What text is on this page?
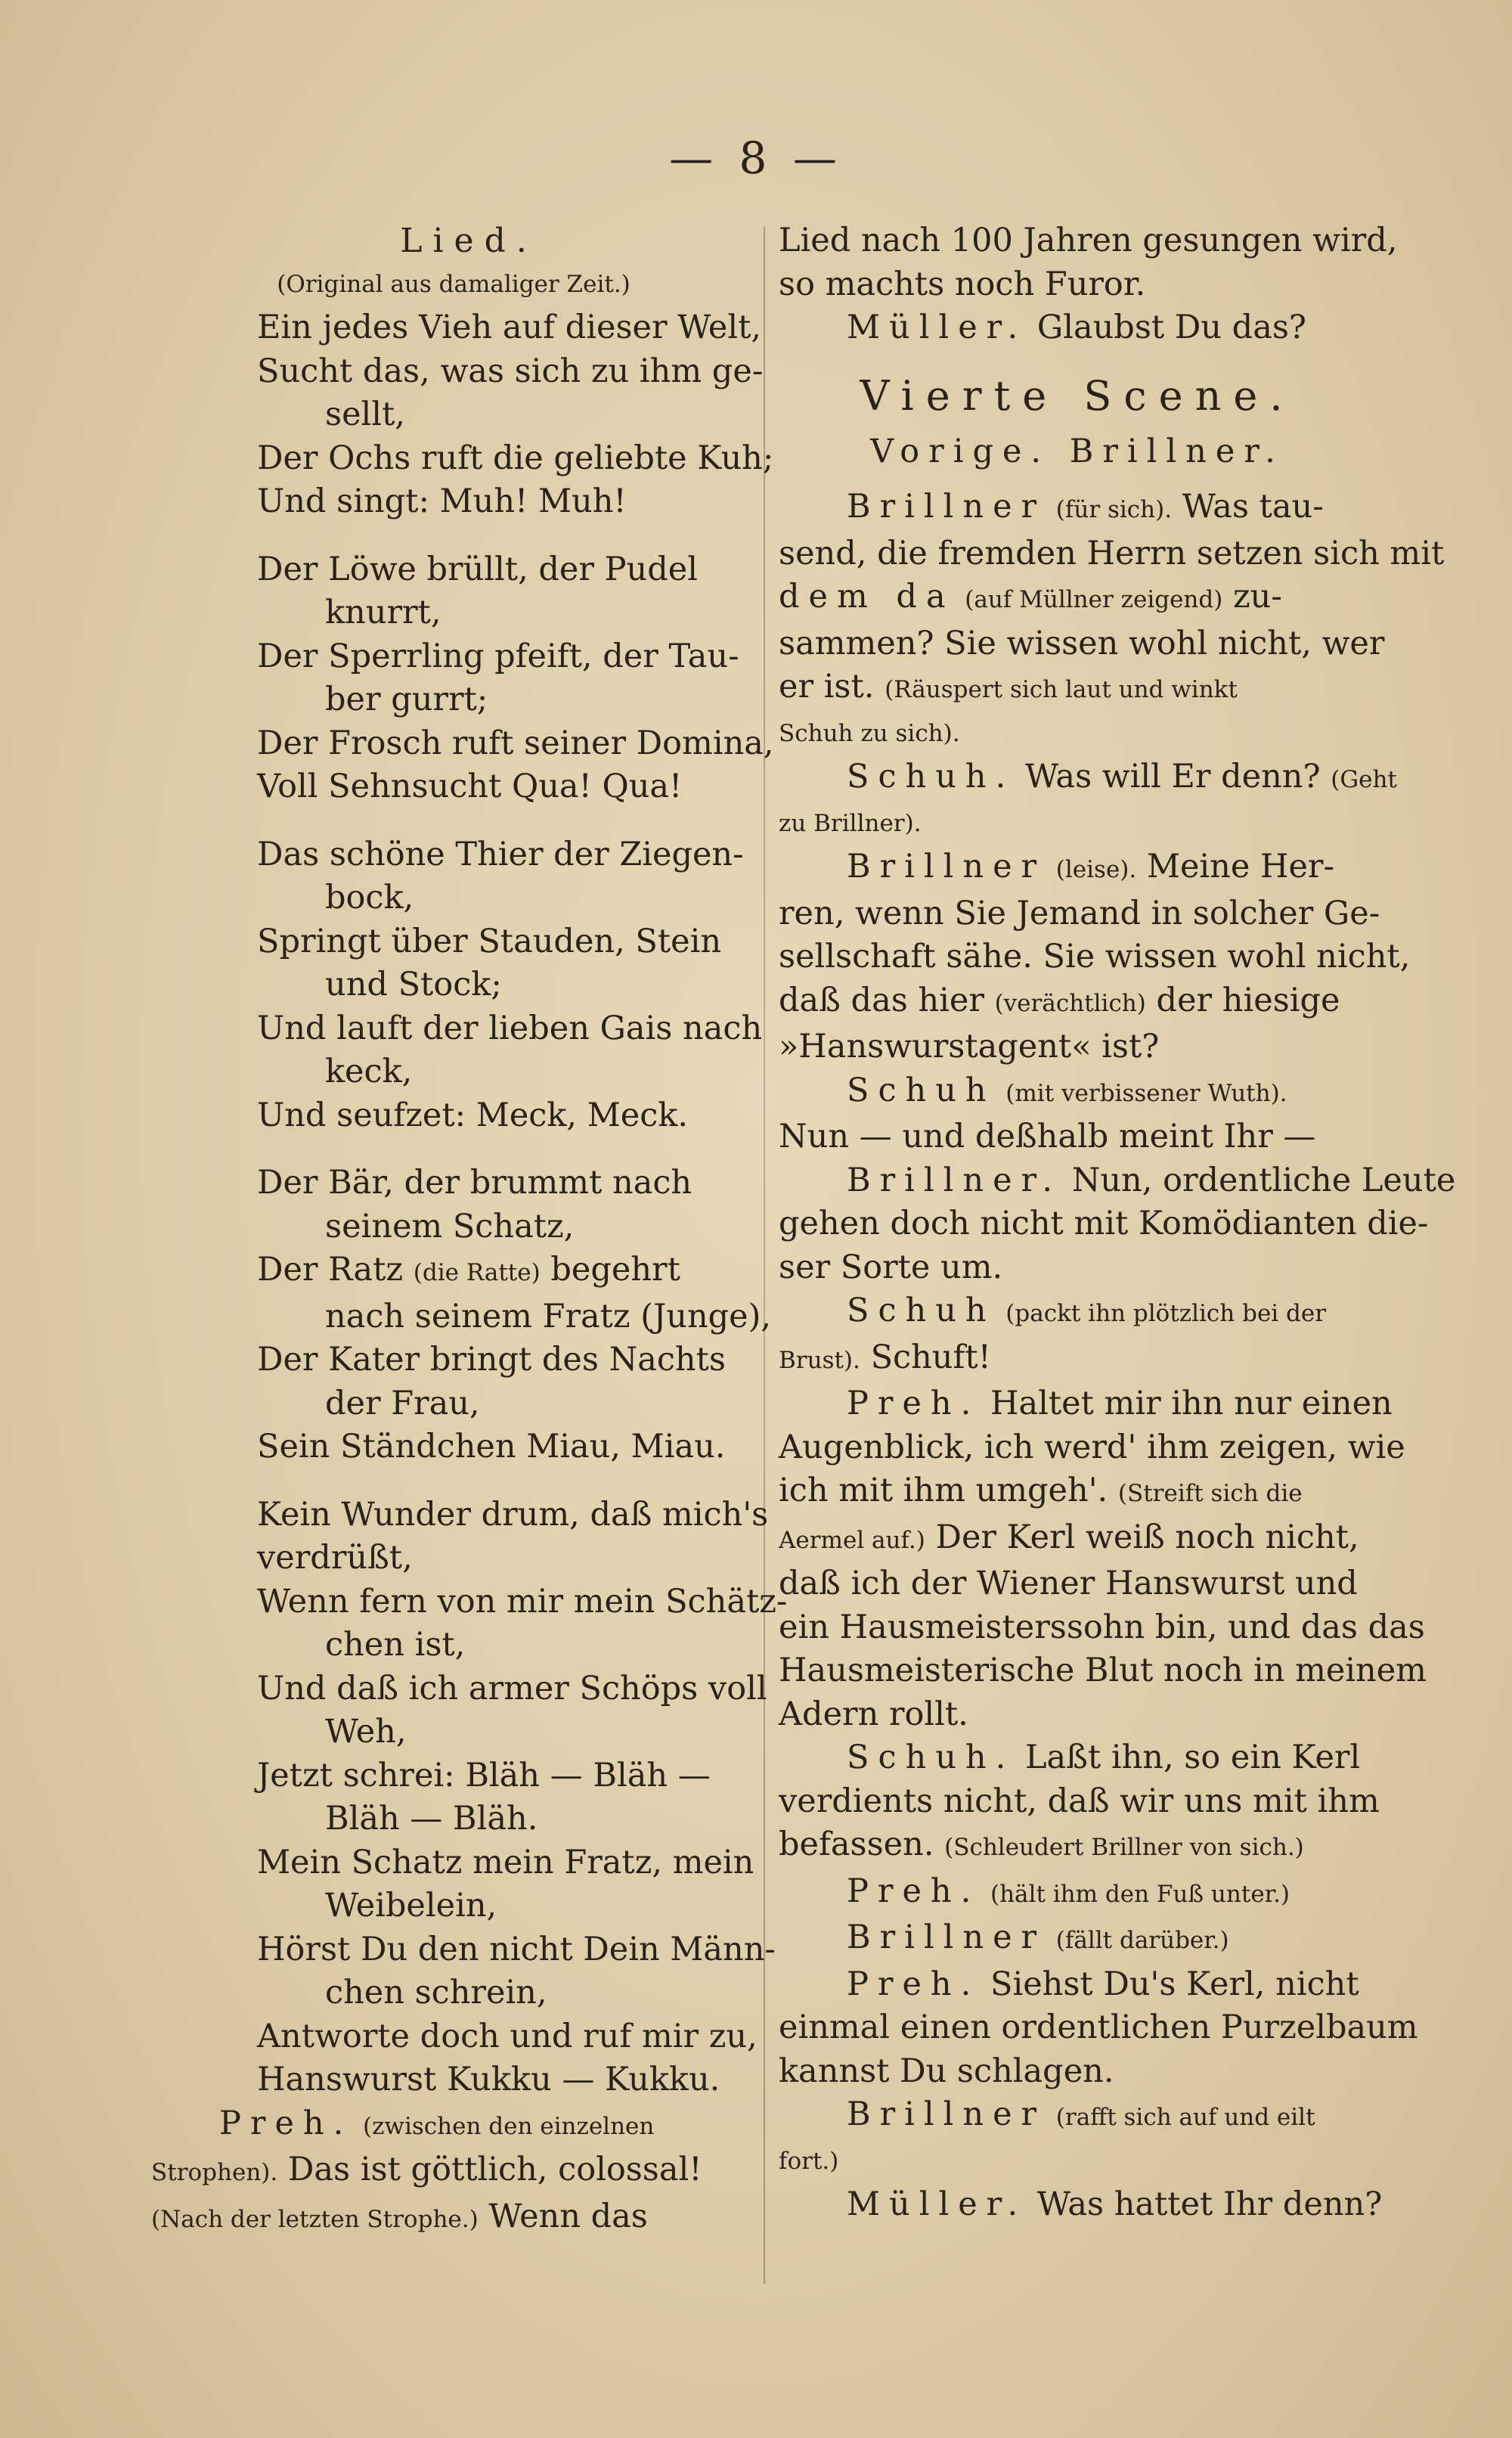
— 8 —
Lied.
(Original aus damaliger Zeit.)
Ein jedes Vieh auf dieser Welt,
Sucht das, was sich zu ihm ge-
sellt,
Der Ochs ruft die geliebte Kuh;
Und singt: Muh! Muh!
Der Löwe brüllt, der Pudel
knurrt,
Der Sperrling pfeift, der Tau-
ber gurrt;
Der Frosch ruft seiner Domina,
Voll Sehnsucht Qua! Qua!
Das schöne Thier der Ziegen-
bock,
Springt über Stauden, Stein
und Stock;
Und lauft der lieben Gais nach
keck,
Und seufzet: Meck, Meck.
Der Bär, der brummt nach
seinem Schatz,
Der Ratz (die Ratte) begehrt
nach seinem Fratz (Junge),
Der Kater bringt des Nachts
der Frau,
Sein Ständchen Miau, Miau.
Kein Wunder drum, daß mich's
verdrüßt,
Wenn fern von mir mein Schätz-
chen ist,
Und daß ich armer Schöps voll
Weh,
Jetzt schrei: Bläh — Bläh —
Bläh — Bläh.
Mein Schatz mein Fratz, mein
Weibelein,
Hörst Du den nicht Dein Männ-
chen schrein,
Antworte doch und ruf mir zu,
Hanswurst Kukku — Kukku.
Preh. (zwischen den einzelnen
Strophen). Das ist göttlich, colossal!
(Nach der letzten Strophe.) Wenn das
Lied nach 100 Jahren gesungen wird,
so machts noch Furor.
Müller. Glaubst Du das?
Vierte Scene.
Vorige. Brillner.
Brillner (für sich). Was tau-
send, die fremden Herrn setzen sich mit
dem da (auf Müllner zeigend) zu-
sammen? Sie wissen wohl nicht, wer
er ist. (Räuspert sich laut und winkt
Schuh zu sich).
Schuh. Was will Er denn? (Geht
zu Brillner).
Brillner (leise). Meine Her-
ren, wenn Sie Jemand in solcher Ge-
sellschaft sähe. Sie wissen wohl nicht,
daß das hier (verächtlich) der hiesige
»Hanswurstagent« ist?
Schuh (mit verbissener Wuth).
Nun — und deßhalb meint Ihr —
Brillner. Nun, ordentliche Leute
gehen doch nicht mit Komödianten die-
ser Sorte um.
Schuh (packt ihn plötzlich bei der
Brust). Schuft!
Preh. Haltet mir ihn nur einen
Augenblick, ich werd' ihm zeigen, wie
ich mit ihm umgeh'. (Streift sich die
Aermel auf.) Der Kerl weiß noch nicht,
daß ich der Wiener Hanswurst und
ein Hausmeisterssohn bin, und das das
Hausmeisterische Blut noch in meinem
Adern rollt.
Schuh. Laßt ihn, so ein Kerl
verdients nicht, daß wir uns mit ihm
befassen. (Schleudert Brillner von sich.)
Preh. (hält ihm den Fuß unter.)
Brillner (fällt darüber.)
Preh. Siehst Du's Kerl, nicht
einmal einen ordentlichen Purzelbaum
kannst Du schlagen.
Brillner (rafft sich auf und eilt
fort.)
Müller. Was hattet Ihr denn?
